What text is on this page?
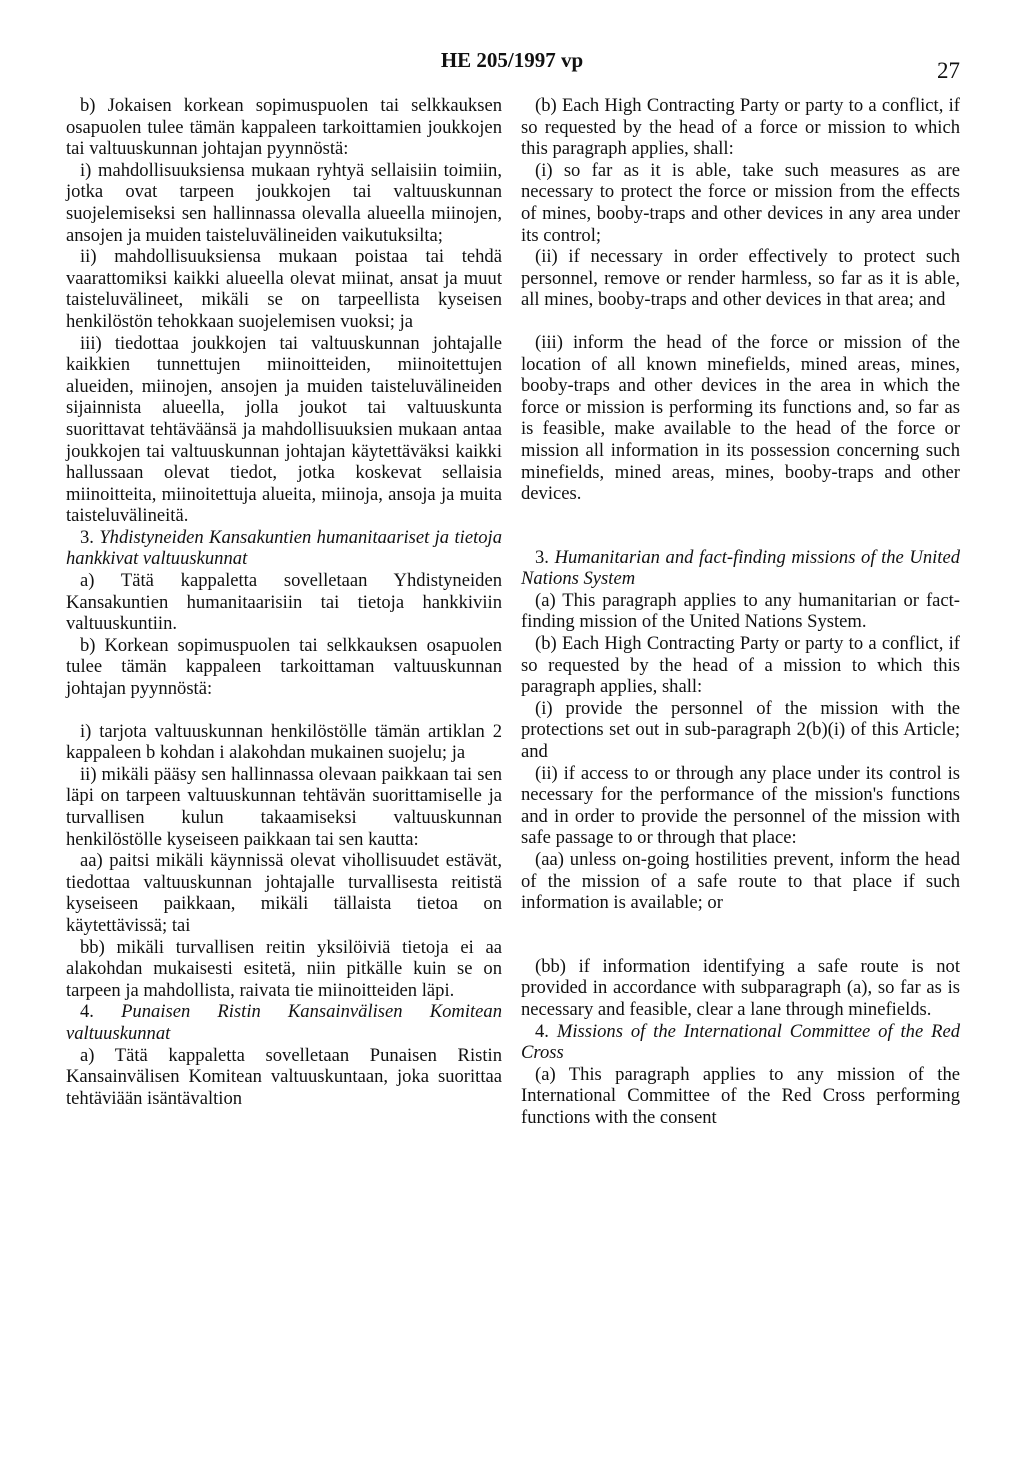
HE 205/1997 vp	27

b) Jokaisen korkean sopimuspuolen tai selkkauksen osapuolen tulee tämän kappaleen tarkoittamien joukkojen tai valtuuskunnan johtajan pyynnöstä:

i) mahdollisuuksiensa mukaan ryhtyä sellaisiin toimiin, jotka ovat tarpeen joukkojen tai valtuuskunnan suojelemiseksi sen hallinnassa olevalla alueella miinojen, ansojen ja muiden taisteluvälineiden vaikutuksilta;

ii) mahdollisuuksiensa mukaan poistaa tai tehdä vaarattomiksi kaikki alueella olevat miinat, ansat ja muut taisteluvälineet, mikäli se on tarpeellista kyseisen henkilöstön tehokkaan suojelemisen vuoksi; ja

iii) tiedottaa joukkojen tai valtuuskunnan johtajalle kaikkien tunnettujen miinoitteiden, miinoitettujen alueiden, miinojen, ansojen ja muiden taisteluvälineiden sijainnista alueella, jolla joukot tai valtuuskunta suorittavat tehtäväänsä ja mahdollisuuksien mukaan antaa joukkojen tai valtuuskunnan johtajan käytettäväksi kaikki hallussaan olevat tiedot, jotka koskevat sellaisia miinoitteita, miinoitettuja alueita, miinoja, ansoja ja muita taisteluvälineitä.

3. Yhdistyneiden Kansakuntien humanitaariset ja tietoja hankkivat valtuuskunnat

a) Tätä kappaletta sovelletaan Yhdistyneiden Kansakuntien humanitaarisiin tai tietoja hankkiviin valtuuskuntiin.

b) Korkean sopimuspuolen tai selkkauksen osapuolen tulee tämän kappaleen tarkoittaman valtuuskunnan johtajan pyynnöstä:

i) tarjota valtuuskunnan henkilöstölle tämän artiklan 2 kappaleen b kohdan i alakohdan mukainen suojelu; ja

ii) mikäli pääsy sen hallinnassa olevaan paikkaan tai sen läpi on tarpeen valtuuskunnan tehtävän suorittamiselle ja turvallisen kulun takaamiseksi valtuuskunnan henkilöstölle kyseiseen paikkaan tai sen kautta:

aa) paitsi mikäli käynnissä olevat vihollisuudet estävät, tiedottaa valtuuskunnan johtajalle turvallisesta reitistä kyseiseen paikkaan, mikäli tällaista tietoa on käytettävissä; tai

bb) mikäli turvallisen reitin yksilöiviä tietoja ei aa alakohdan mukaisesti esitetä, niin pitkälle kuin se on tarpeen ja mahdollista, raivata tie miinoitteiden läpi.

4. Punaisen Ristin Kansainvälisen Komitean valtuuskunnat

a) Tätä kappaletta sovelletaan Punaisen Ristin Kansainvälisen Komitean valtuuskuntaan, joka suorittaa tehtäviään isäntävaltion

(b) Each High Contracting Party or party to a conflict, if so requested by the head of a force or mission to which this paragraph applies, shall:

(i) so far as it is able, take such measures as are necessary to protect the force or mission from the effects of mines, booby-traps and other devices in any area under its control;

(ii) if necessary in order effectively to protect such personnel, remove or render harmless, so far as it is able, all mines, booby-traps and other devices in that area; and

(iii) inform the head of the force or mission of the location of all known minefields, mined areas, mines, booby-traps and other devices in the area in which the force or mission is performing its functions and, so far as is feasible, make available to the head of the force or mission all information in its possession concerning such minefields, mined areas, mines, booby-traps and other devices.

3. Humanitarian and fact-finding missions of the United Nations System

(a) This paragraph applies to any humanitarian or fact-finding mission of the United Nations System.

(b) Each High Contracting Party or party to a conflict, if so requested by the head of a mission to which this paragraph applies, shall:

(i) provide the personnel of the mission with the protections set out in sub-paragraph 2(b)(i) of this Article; and

(ii) if access to or through any place under its control is necessary for the performance of the mission's functions and in order to provide the personnel of the mission with safe passage to or through that place:

(aa) unless on-going hostilities prevent, inform the head of the mission of a safe route to that place if such information is available; or

(bb) if information identifying a safe route is not provided in accordance with subparagraph (a), so far as is necessary and feasible, clear a lane through minefields.

4. Missions of the International Committee of the Red Cross

(a) This paragraph applies to any mission of the International Committee of the Red Cross performing functions with the consent
